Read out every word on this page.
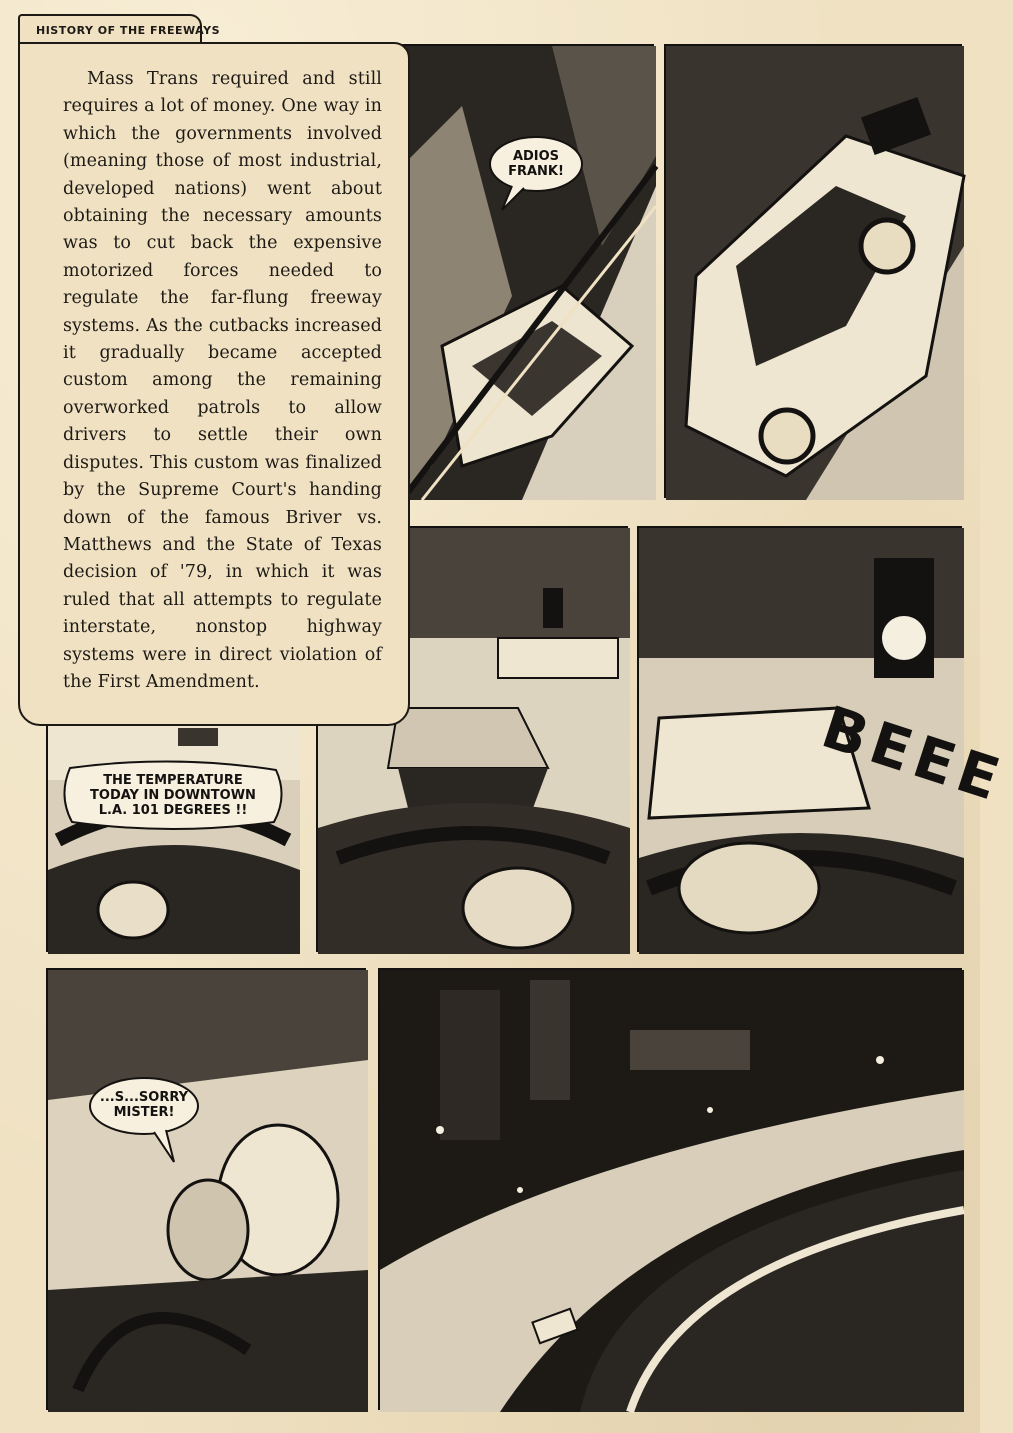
HISTORY OF THE FREEWAYS

Mass Trans required and still requires a lot of money. One way in which the governments involved (meaning those of most industrial, developed nations) went about obtaining the necessary amounts was to cut back the expensive motorized forces needed to regulate the far-flung freeway systems. As the cutbacks increased it gradually became accepted custom among the remaining overworked patrols to allow drivers to settle their own disputes. This custom was finalized by the Supreme Court's handing down of the famous Briver vs. Matthews and the State of Texas decision of '79, in which it was ruled that all attempts to regulate interstate, nonstop highway systems were in direct violation of the First Amendment.

ADIOS
FRANK!
THE TEMPERATURE
TODAY IN DOWNTOWN
L.A. 101 DEGREES !!
...S...SORRY
MISTER!
BEEE
